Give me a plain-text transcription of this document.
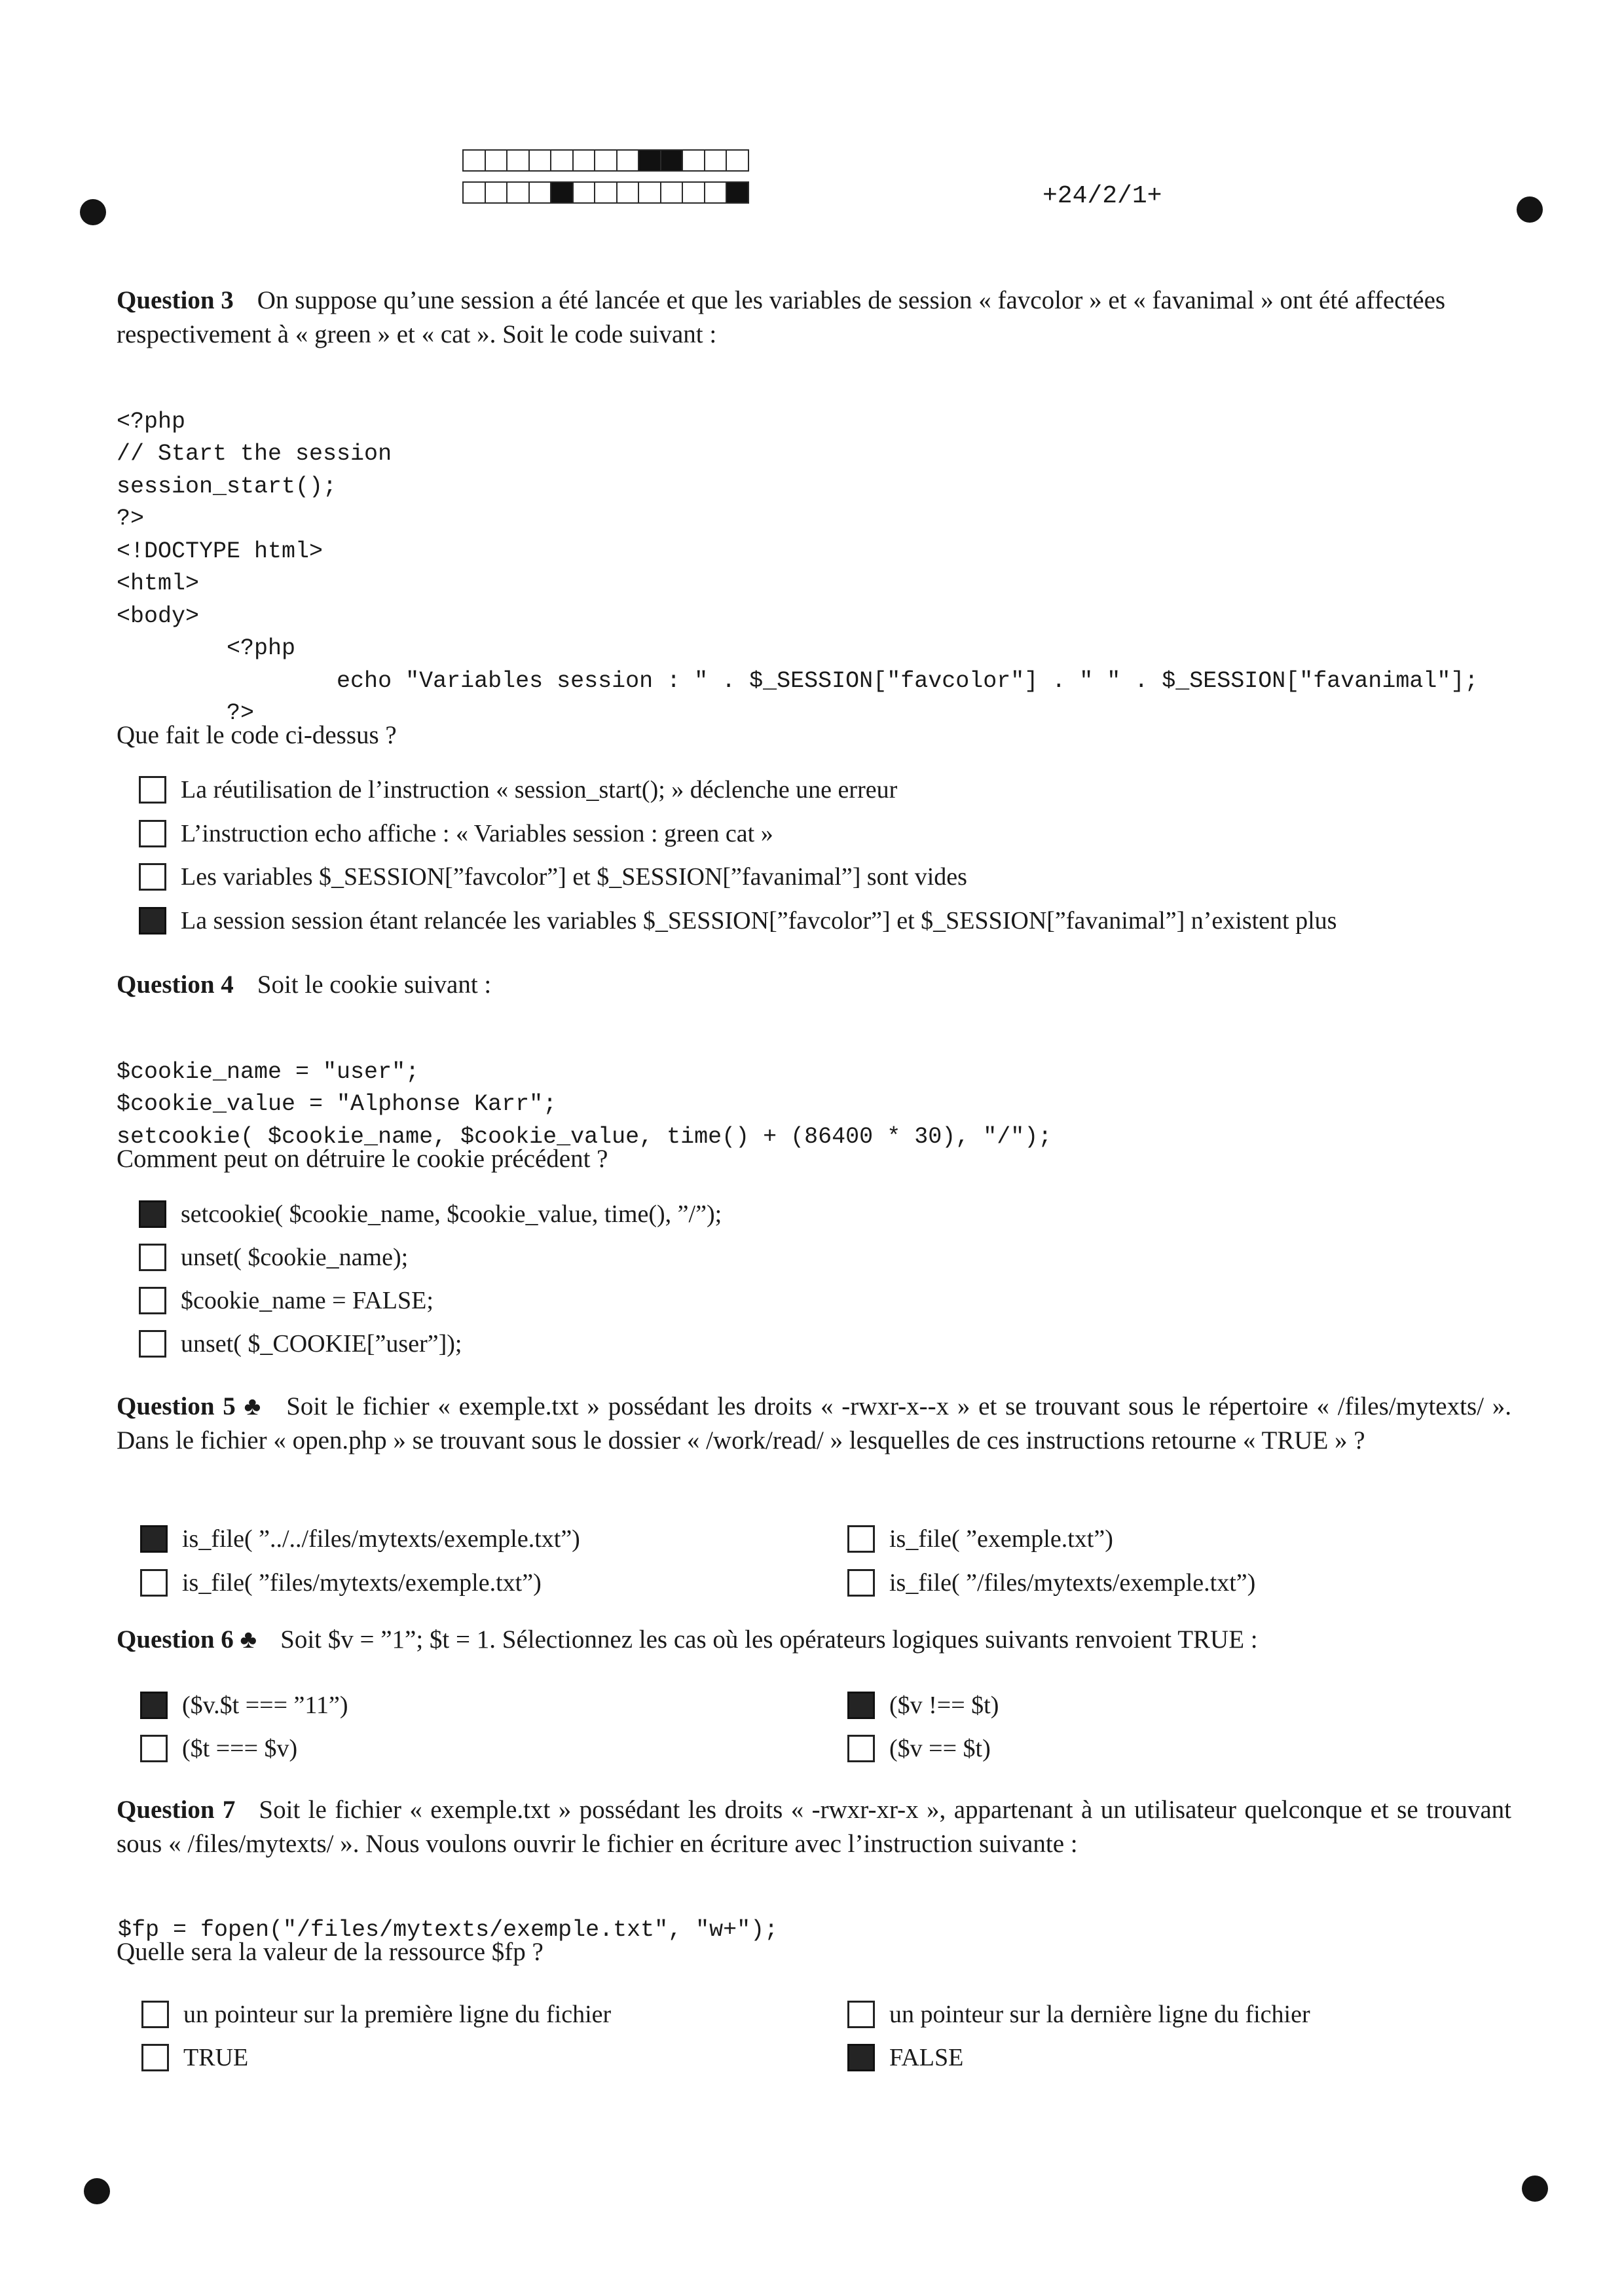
+24/2/1+
Question 3 On suppose qu’une session a été lancée et que les variables de session « favcolor » et « favanimal » ont été affectées respectivement à « green » et « cat ». Soit le code suivant :

<?php
// Start the session
session_start();
?>
<!DOCTYPE html>
<html>
<body>
<?php
echo "Variables session : " . $_SESSION["favcolor"] . " " . $_SESSION["favanimal"];
?>

Que fait le code ci-dessus ?
La réutilisation de l’instruction « session_start(); » déclenche une erreur
L’instruction echo affiche : « Variables session : green cat »
Les variables $_SESSION[”favcolor”] et $_SESSION[”favanimal”] sont vides
La session session étant relancée les variables $_SESSION[”favcolor”] et $_SESSION[”favanimal”] n’existent plus
Question 4 Soit le cookie suivant :

$cookie_name = "user";
$cookie_value = "Alphonse Karr";
setcookie( $cookie_name, $cookie_value, time() + (86400 * 30), "/");

Comment peut on détruire le cookie précédent ?
setcookie( $cookie_name, $cookie_value, time(), ”/”);
unset( $cookie_name);
$cookie_name = FALSE;
unset( $_COOKIE[”user”]);
Question 5 ♣ Soit le fichier « exemple.txt » possédant les droits « -rwxr-x--x » et se trouvant sous le répertoire « /files/mytexts/ ». Dans le fichier « open.php » se trouvant sous le dossier « /work/read/ » lesquelles de ces instructions retourne « TRUE » ?
is_file( ”../../files/mytexts/exemple.txt”)	is_file( ”exemple.txt”)
is_file( ”files/mytexts/exemple.txt”)	is_file( ”/files/mytexts/exemple.txt”)
Question 6 ♣ Soit $v = ”1”; $t = 1. Sélectionnez les cas où les opérateurs logiques suivants renvoient TRUE :
($v.$t === ”11”)	($v !== $t)
($t === $v)	($v == $t)
Question 7 Soit le fichier « exemple.txt » possédant les droits « -rwxr-xr-x », appartenant à un utilisateur quelconque et se trouvant sous « /files/mytexts/ ». Nous voulons ouvrir le fichier en écriture avec l’instruction suivante :

$fp = fopen("/files/mytexts/exemple.txt", "w+");

Quelle sera la valeur de la ressource $fp ?
un pointeur sur la première ligne du fichier	un pointeur sur la dernière ligne du fichier
TRUE	FALSE
